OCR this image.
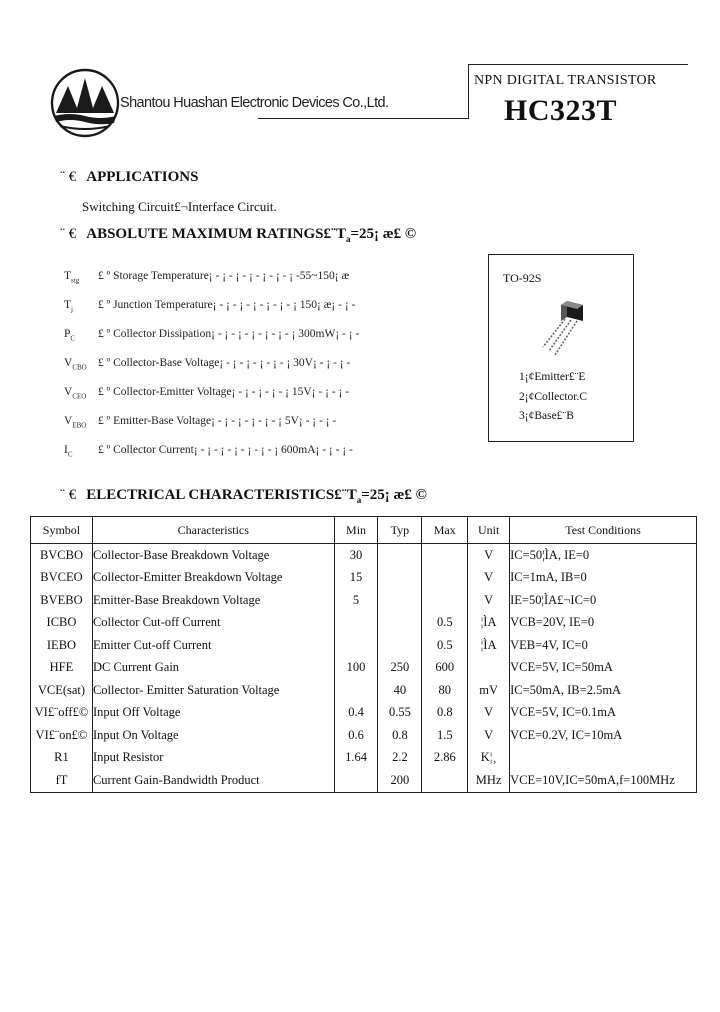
Shantou Huashan Electronic Devices Co.,Ltd.
NPN DIGITAL TRANSISTOR
HC323T
¨ € APPLICATIONS
Switching Circuit£¬Interface Circuit.
¨ € ABSOLUTE MAXIMUM $RATINGS£¨T_a=25¡$ æ£ ©
$T_{stg}$ £ º Storage Temperature¡ - ¡ - ¡ - ¡ - ¡ - ¡ - ¡ -55~150¡ æ
$T_j$ £ º Junction Temperature¡ - ¡ - ¡ - ¡ - ¡ - ¡ - ¡ 150¡ æ¡ - ¡ -
$P_C$ £ º Collector Dissipation¡ - ¡ - ¡ - ¡ - ¡ - ¡ - ¡ 300mW¡ - ¡ -
$V_{CBO}$ £ º Collector-Base Voltage¡ - ¡ - ¡ - ¡ - ¡ - ¡ 30V¡ - ¡ - ¡ -
$V_{CEO}$ £ º Collector-Emitter Voltage¡ - ¡ - ¡ - ¡ - ¡ 15V¡ - ¡ - ¡ -
$V_{EBO}$ £ º Emitter-Base Voltage¡ - ¡ - ¡ - ¡ - ¡ - ¡ 5V¡ - ¡ - ¡ -
$I_C$ £ º Collector Current¡ - ¡ - ¡ - ¡ - ¡ - ¡ - ¡ 600mA¡ - ¡ - ¡ -
TO-92S
1¡¢Emitter£¨E
2¡¢Collector.C
3¡¢Base£¨B
¨ € ELECTRICAL $CHARACTERISTICS£¨T_a=25¡$ æ£ ©
Symbol	Characteristics	Min	Typ	Max	Unit	Test Conditions
BVCBO	Collector-Base Breakdown Voltage	30			V	IC=50¦ÌA, IE=0
BVCEO	Collector-Emitter Breakdown Voltage	15			V	IC=1mA, IB=0
BVEBO	Emitter-Base Breakdown Voltage	5			V	IE=50¦ÌA£¬IC=0
ICBO	Collector Cut-off Current			0.5	¦ÌA	VCB=20V, IE=0
IEBO	Emitter Cut-off Current			0.5	¦ÌA	VEB=4V, IC=0
HFE	DC Current Gain	100	250	600		VCE=5V, IC=50mA
VCE(sat)	Collector- Emitter Saturation Voltage		40	80	mV	IC=50mA, IB=2.5mA
VI£¨off£©	Input Off Voltage	0.4	0.55	0.8	V	VCE=5V, IC=0.1mA
VI£¨on£©	Input On Voltage	0.6	0.8	1.5	V	VCE=0.2V, IC=10mA
R1	Input Resistor	1.64	2.2	2.86	K¦¸	
fT	Current Gain-Bandwidth Product		200		MHz	VCE=10V,IC=50mA,f=100MHz
